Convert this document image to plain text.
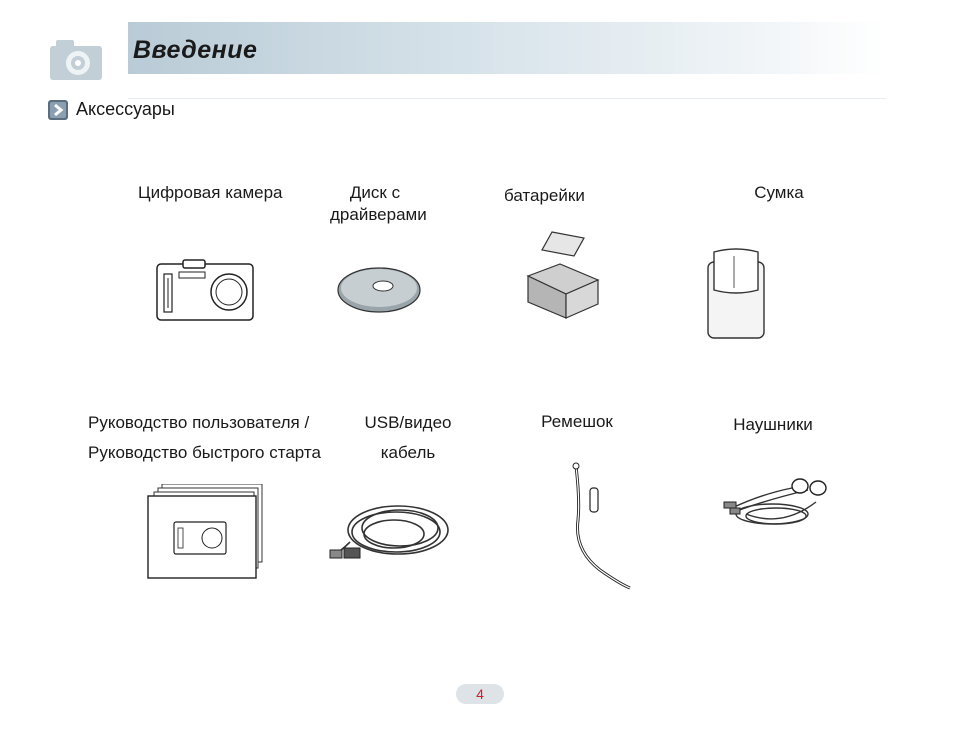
Введение
Аксессуары
Цифровая камера	Диск с
драйверами
батарейки	Сумка
Руководство пользователя /
Руководство быстрого старта
USB/видео
кабель
Ремешок	Наушники
4
